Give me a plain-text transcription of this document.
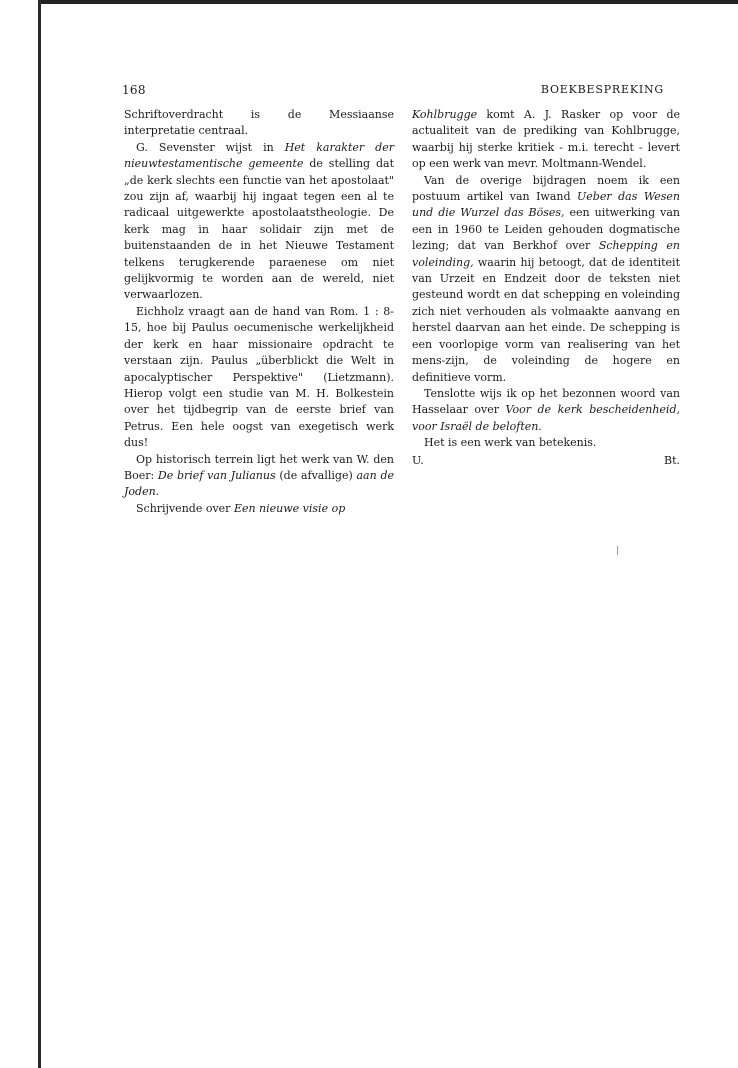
168	BOEKBESPREKING

Schriftoverdracht is de Messiaanse interpretatie centraal.

G. Sevenster wijst in Het karakter der nieuwtestamentische gemeente de stelling dat „de kerk slechts een functie van het apostolaat" zou zijn af, waarbij hij ingaat tegen een al te radicaal uitgewerkte apostolaatstheologie. De kerk mag in haar solidair zijn met de buitenstaanden de in het Nieuwe Testament telkens terugkerende paraenese om niet gelijkvormig te worden aan de wereld, niet verwaarlozen.

Eichholz vraagt aan de hand van Rom. 1 : 8-15, hoe bij Paulus oecumenische werkelijkheid der kerk en haar missionaire opdracht te verstaan zijn. Paulus „überblickt die Welt in apocalyptischer Perspektive" (Lietzmann). Hierop volgt een studie van M. H. Bolkestein over het tijdbegrip van de eerste brief van Petrus. Een hele oogst van exegetisch werk dus!

Op historisch terrein ligt het werk van W. den Boer: De brief van Julianus (de afvallige) aan de Joden.

Schrijvende over Een nieuwe visie op

Kohlbrugge komt A. J. Rasker op voor de actualiteit van de prediking van Kohlbrugge, waarbij hij sterke kritiek - m.i. terecht - levert op een werk van mevr. Moltmann-Wendel.

Van de overige bijdragen noem ik een postuum artikel van Iwand Ueber das Wesen und die Wurzel das Böses, een uitwerking van een in 1960 te Leiden gehouden dogmatische lezing; dat van Berkhof over Schepping en voleinding, waarin hij betoogt, dat de identiteit van Urzeit en Endzeit door de teksten niet gesteund wordt en dat schepping en voleinding zich niet verhouden als volmaakte aanvang en herstel daarvan aan het einde. De schepping is een voorlopige vorm van realisering van het mens-zijn, de voleinding de hogere en definitieve vorm.

Tenslotte wijs ik op het bezonnen woord van Hasselaar over Voor de kerk bescheidenheid, voor Israël de beloften.

Het is een werk van betekenis.

U.	Bt.
